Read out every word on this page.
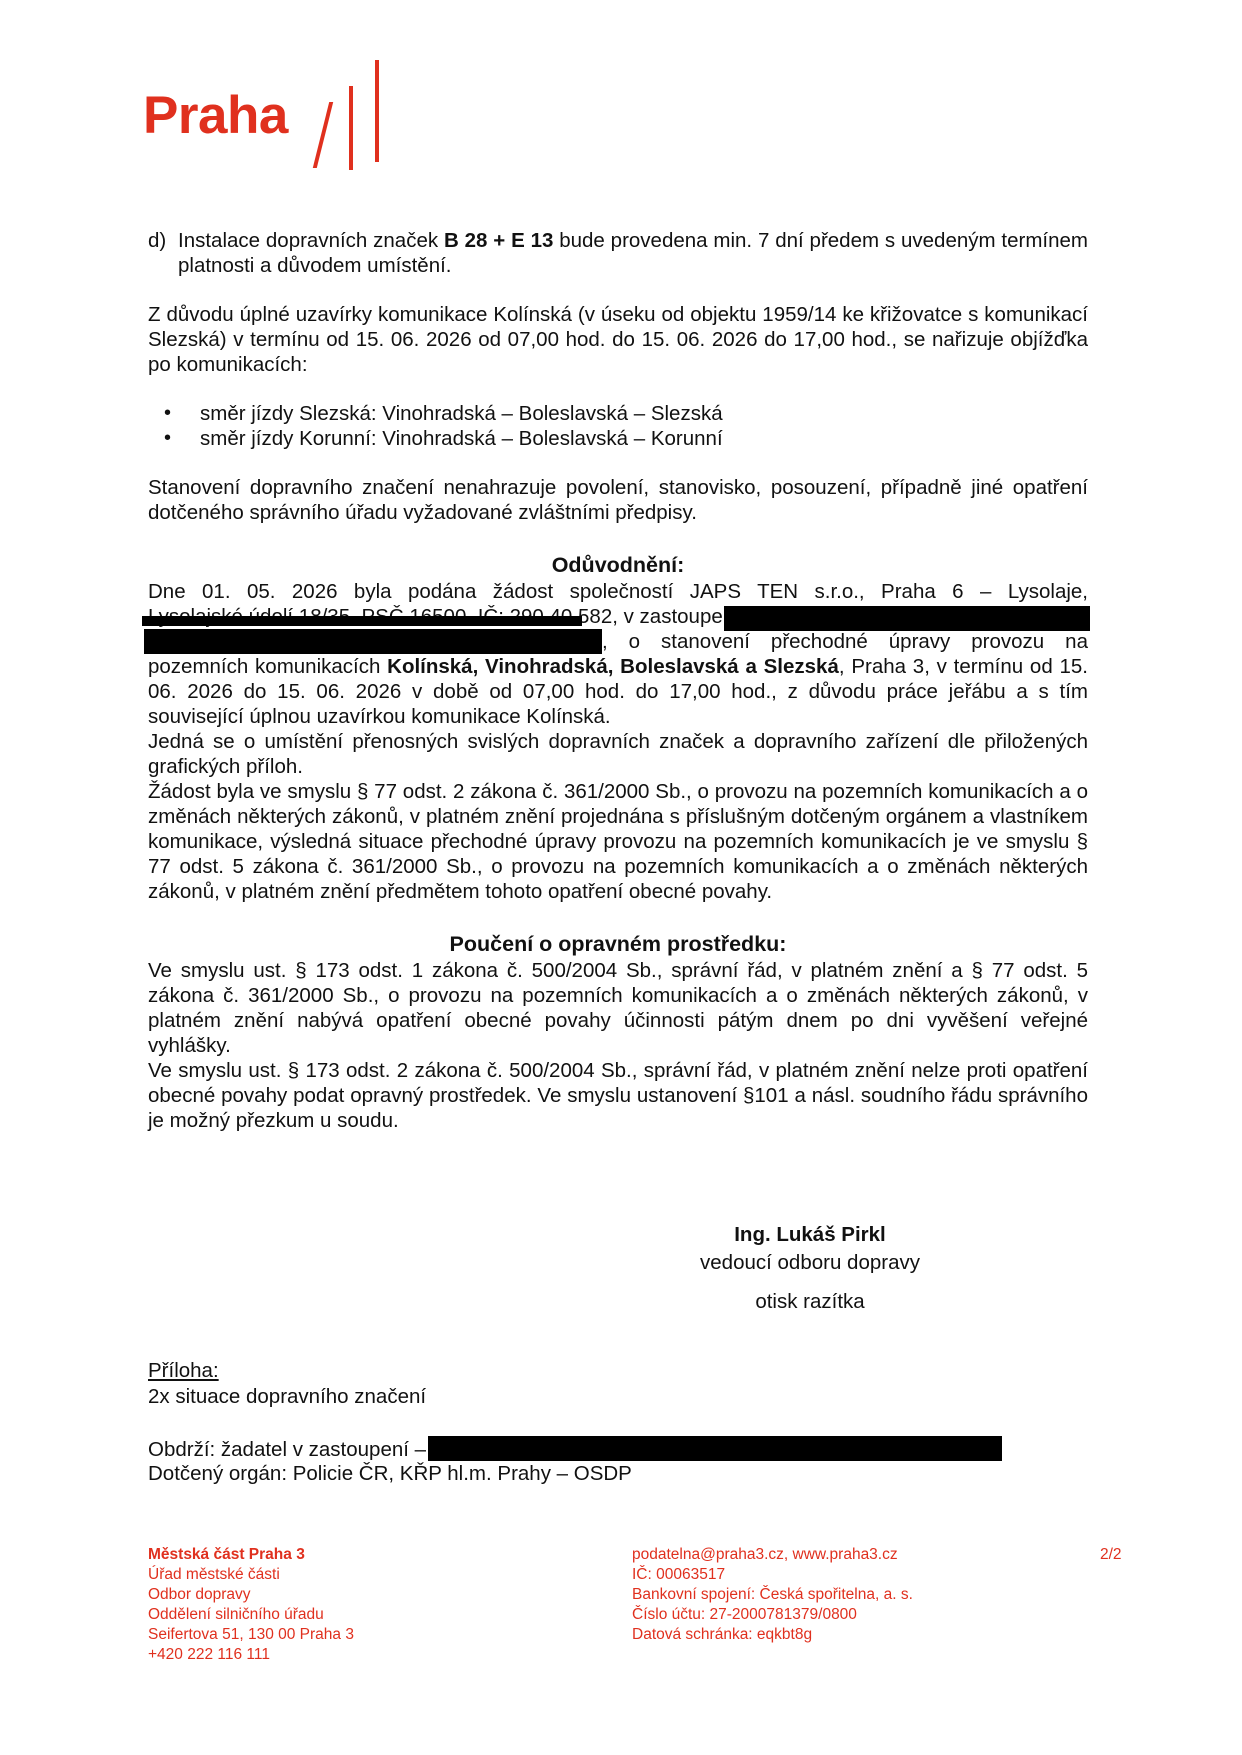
Praha

d) Instalace dopravních značek B 28 + E 13 bude provedena min. 7 dní předem s uvedeným termínem platnosti a důvodem umístění.

Z důvodu úplné uzavírky komunikace Kolínská (v úseku od objektu 1959/14 ke křižovatce s komunikací Slezská) v termínu od 15. 06. 2026 od 07,00 hod. do 15. 06. 2026 do 17,00 hod., se nařizuje objížďka po komunikacích:

• směr jízdy Slezská: Vinohradská – Boleslavská – Slezská
• směr jízdy Korunní: Vinohradská – Boleslavská – Korunní

Stanovení dopravního značení nenahrazuje povolení, stanovisko, posouzení, případně jiné opatření dotčeného správního úřadu vyžadované zvláštními předpisy.

Odůvodnění:

Dne 01. 05. 2026 byla podána žádost společností JAPS TEN s.r.o., Praha 6 – Lysolaje,

582, v zastoupení
, o stanovení přechodné úpravy provozu na

pozemních komunikacích Kolínská, Vinohradská, Boleslavská a Slezská, Praha 3, v termínu od 15. 06. 2026 do 15. 06. 2026 v době od 07,00 hod. do 17,00 hod., z důvodu práce jeřábu a s tím související úplnou uzavírkou komunikace Kolínská.

Jedná se o umístění přenosných svislých dopravních značek a dopravního zařízení dle přiložených grafických příloh.

Žádost byla ve smyslu § 77 odst. 2 zákona č. 361/2000 Sb., o provozu na pozemních komunikacích a o změnách některých zákonů, v platném znění projednána s příslušným dotčeným orgánem a vlastníkem komunikace, výsledná situace přechodné úpravy provozu na pozemních komunikacích je ve smyslu § 77 odst. 5 zákona č. 361/2000 Sb., o provozu na pozemních komunikacích a o změnách některých zákonů, v platném znění předmětem tohoto opatření obecné povahy.

Poučení o opravném prostředku:

Ve smyslu ust. § 173 odst. 1 zákona č. 500/2004 Sb., správní řád, v platném znění a § 77 odst. 5 zákona č. 361/2000 Sb., o provozu na pozemních komunikacích a o změnách některých zákonů, v platném znění nabývá opatření obecné povahy účinnosti pátým dnem po dni vyvěšení veřejné vyhlášky.

Ve smyslu ust. § 173 odst. 2 zákona č. 500/2004 Sb., správní řád, v platném znění nelze proti opatření obecné povahy podat opravný prostředek. Ve smyslu ustanovení §101 a násl. soudního řádu správního je možný přezkum u soudu.

Ing. Lukáš Pirkl
vedoucí odboru dopravy
otisk razítka
Příloha:
2x situace dopravního značení
Obdrží: žadatel v zastoupení –
Dotčený orgán: Policie ČR, KŘP hl.m. Prahy – OSDP
Městská část Praha 3
Úřad městské části
Odbor dopravy
Oddělení silničního úřadu
Seifertova 51, 130 00 Praha 3
+420 222 116 111
podatelna@praha3.cz, www.praha3.cz
IČ: 00063517
Bankovní spojení: Česká spořitelna, a. s.
Číslo účtu: 27-2000781379/0800
Datová schránka: eqkbt8g
2/2
